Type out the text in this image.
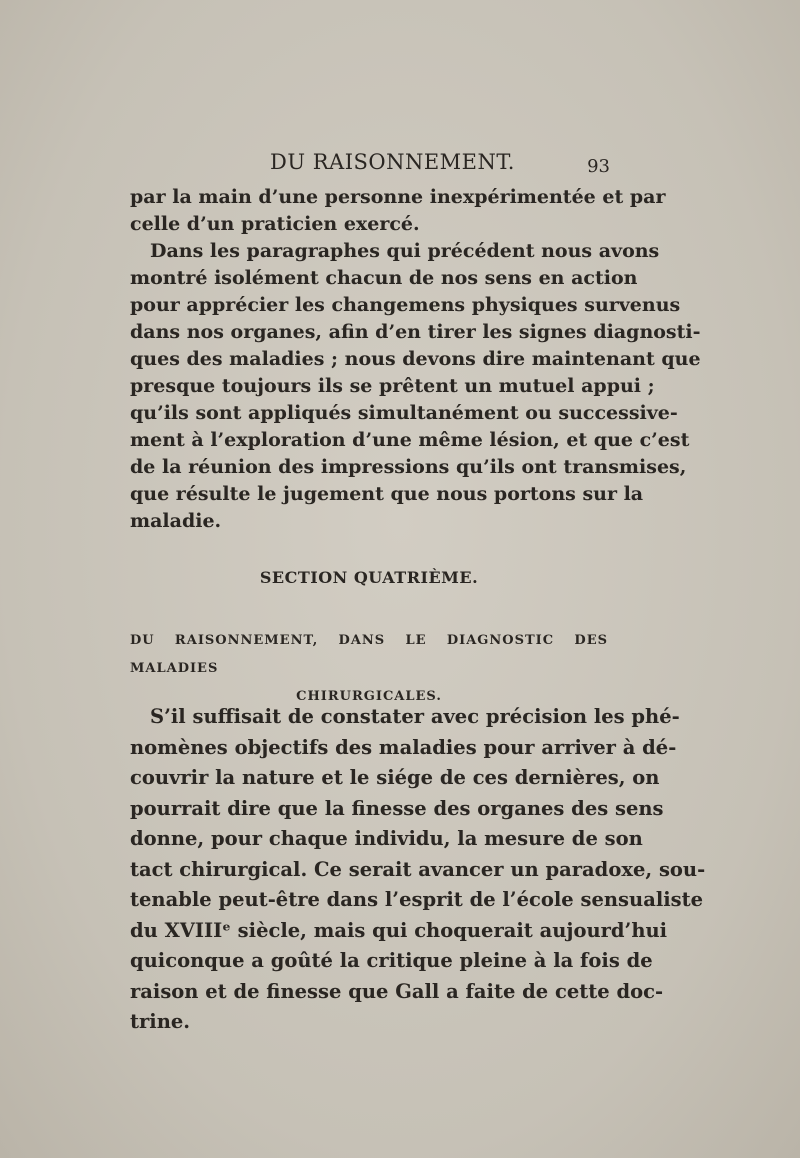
DU RAISONNEMENT.	93
par la main d’une personne inexpérimentée et par
celle d’un praticien exercé.
Dans les paragraphes qui précédent nous avons
montré isolément chacun de nos sens en action
pour apprécier les changemens physiques survenus
dans nos organes, afin d’en tirer les signes diagnosti-
ques des maladies ; nous devons dire maintenant que
presque toujours ils se prêtent un mutuel appui ;
qu’ils sont appliqués simultanément ou successive-
ment à l’exploration d’une même lésion, et que c’est
de la réunion des impressions qu’ils ont transmises,
que résulte le jugement que nous portons sur la
maladie.
SECTION QUATRIÈME.
DU RAISONNEMENT, DANS LE DIAGNOSTIC DES MALADIES
CHIRURGICALES.
S’il suffisait de constater avec précision les phé-
nomènes objectifs des maladies pour arriver à dé-
couvrir la nature et le siége de ces dernières, on
pourrait dire que la finesse des organes des sens
donne, pour chaque individu, la mesure de son
tact chirurgical. Ce serait avancer un paradoxe, sou-
tenable peut-être dans l’esprit de l’école sensualiste
du XVIIIᵉ siècle, mais qui choquerait aujourd’hui
quiconque a goûté la critique pleine à la fois de
raison et de finesse que Gall a faite de cette doc-
trine.
